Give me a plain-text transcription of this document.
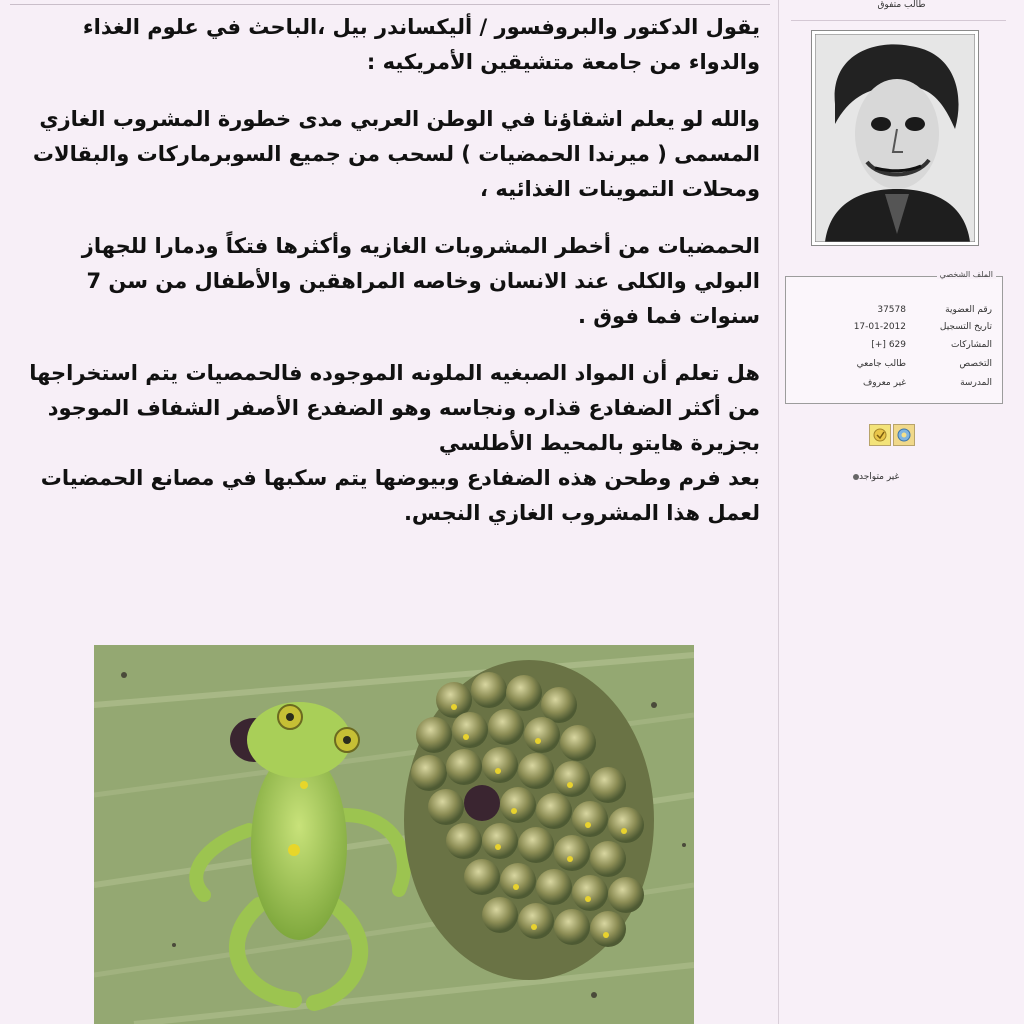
يقول الدكتور والبروفسور / أليكساندر بيل ،الباحث في علوم الغذاء والدواء من جامعة متشيقين الأمريكيه :

والله لو يعلم اشقاؤنا في الوطن العربي مدى خطورة المشروب الغازي المسمى ( ميرندا الحمضيات ) لسحب من جميع السوبرماركات والبقالات ومحلات التموينات الغذائيه ،

الحمضيات من أخطر المشروبات الغازيه وأكثرها فتكاً ودمارا للجهاز البولي والكلى عند الانسان وخاصه المراهقين والأطفال من سن 7 سنوات فما فوق .

هل تعلم أن المواد الصبغيه الملونه الموجوده فالحمصيات يتم استخراجها من أكثر الضفادع قذاره ونجاسه وهو الضفدع الأصفر الشفاف الموجود بجزيرة هايتو بالمحيط الأطلسي

بعد فرم وطحن هذه الضفادع وبيوضها يتم سكبها في مصانع الحمضيات لعمل هذا المشروب الغازي النجس.

طالب متفوق
الملف الشخصي
رقم العضوية
37578
تاريخ التسجيل
17-01-2012
المشاركات
629 [+]
التخصص
طالب جامعي
المدرسة
غير معروف
غير متواجد
